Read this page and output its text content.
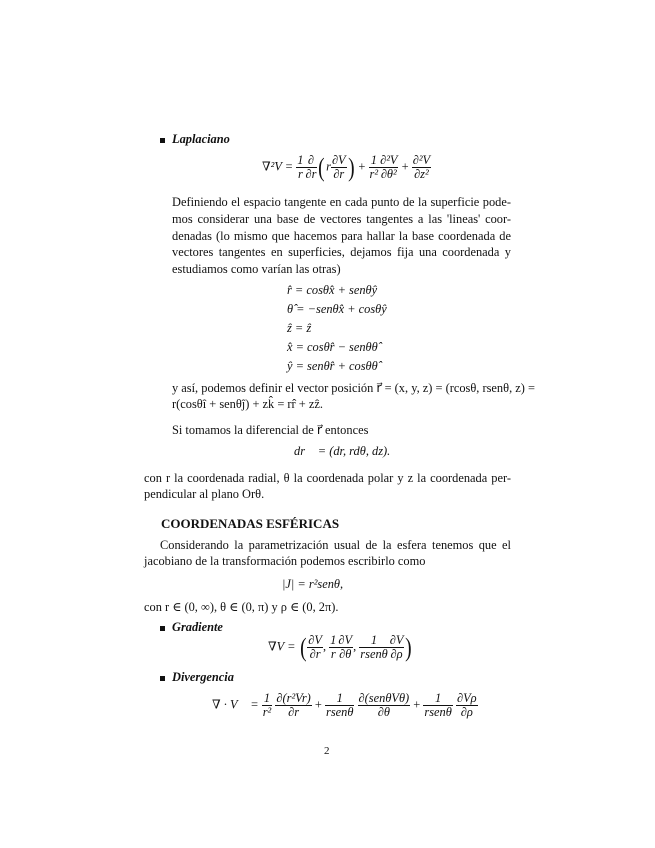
Laplaciano
$\nabla^2V = \frac{1}{r} \frac{\partial}{\partial r} (r \frac{\partial V}{\partial r}$ ) + $\frac{1}{\text{r²}} \frac{\text{∂²V}}{\text{∂θ²}} + \frac{\text{∂²V}}{\text{∂z²}}$
Definiendo el espacio tangente en cada punto de la superficie pode-
mos considerar una base de vectores tangentes a las 'lineas' coor-
denadas (lo mismo que hacemos para hallar la base coordenada de
vectores tangentes en superficies, dejamos fija una coordenada y
estudiamos como varían las otras)
r̂ = cosθx̂ + senθŷ
θ̂ = −senθx̂ + cosθŷ
ẑ = ẑ
x̂ = cosθr̂ − senθθ̂
ŷ = senθr̂ + cosθθ̂
y así, podemos definir el vector posición r⃗ = (x, y, z) = (rcosθ, rsenθ, z) =
r(cosθî + senθĵ) + zk̂ = rr̂ + zẑ.
Si tomamos la diferencial de r⃗ entonces
dr⃗ = (dr, rdθ, dz).
con r la coordenada radial, θ la coordenada polar y z la coordenada per-
pendicular al plano Orθ.
COORDENADAS ESFÉRICAS
Considerando la parametrización usual de la esfera tenemos que el
jacobiano de la transformación podemos escribirlo como
|J| = r²senθ,
con r ∈ (0, ∞), θ ∈ (0, π) y ρ ∈ (0, 2π).
Gradiente
∇V = ( $\frac{\partial V}{\partial r}$ , $\frac{1}{r} \frac{\partial V}{\partial\theta}$ , $\frac{1}{\text{rsenθ}} \frac{\partial V}{\partial\rho}$ )
Divergencia
∇ · V⃗ = $\frac{1}{\text{r²}}$
$\frac{\text{∂(r²Vr)}}{\partial r} + \frac{1}{\text{rsenθ}}$
$\frac{\text{∂(senθVθ)}}{\partial\theta} + \frac{1}{\text{rsenθ}}$
$\frac{\partial V\rho}{\partial\rho}$
2
